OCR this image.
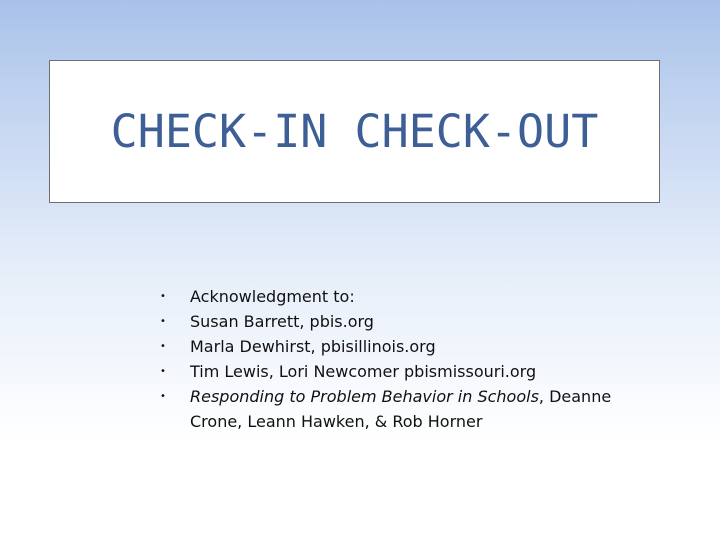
CHECK-IN CHECK-OUT
•	Acknowledgment to:
•	Susan Barrett, pbis.org
•	Marla Dewhirst, pbisillinois.org
•	Tim Lewis, Lori Newcomer pbismissouri.org
•	Responding to Problem Behavior in Schools, Deanne Crone, Leann Hawken, & Rob Horner
